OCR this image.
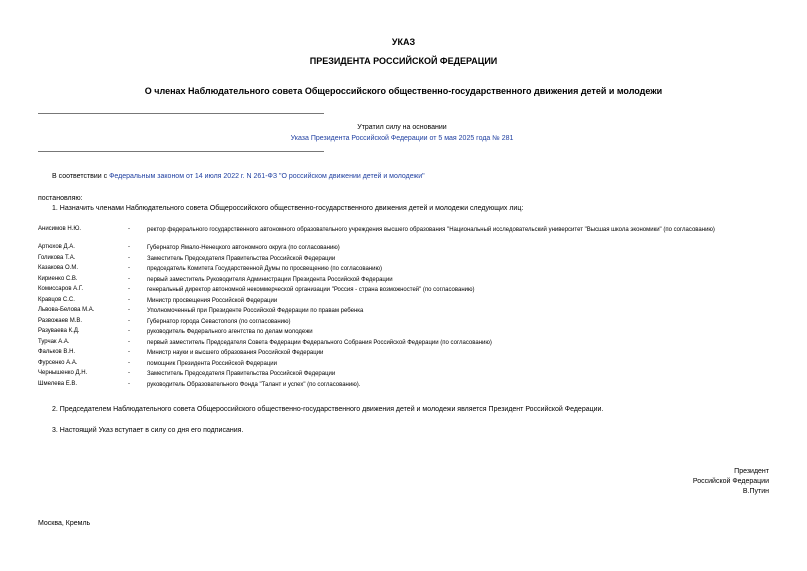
УКАЗ
ПРЕЗИДЕНТА РОССИЙСКОЙ ФЕДЕРАЦИИ
О членах Наблюдательного совета Общероссийского общественно-государственного движения детей и молодежи
Утратил силу на основании
Указа Президента Российской Федерации от 5 мая 2025 года № 281
В соответствии с Федеральным законом от 14 июля 2022 г. N 261-ФЗ "О российском движении детей и молодежи"
постановляю:
1. Назначить членами Наблюдательного совета Общероссийского общественно-государственного движения детей и молодежи следующих лиц:
Анисимов Н.Ю.	-	ректор федерального государственного автономного образовательного учреждения высшего образования "Национальный исследовательский университет "Высшая школа экономики" (по согласованию)
Артюхов Д.А.	-	Губернатор Ямало-Ненецкого автономного округа (по согласованию)
Голикова Т.А.	-	Заместитель Председателя Правительства Российской Федерации
Казакова О.М.	-	председатель Комитета Государственной Думы по просвещению (по согласованию)
Кириенко С.В.	-	первый заместитель Руководителя Администрации Президента Российской Федерации
Комиссаров А.Г.	-	генеральный директор автономной некоммерческой организации "Россия - страна возможностей" (по согласованию)
Кравцов С.С.	-	Министр просвещения Российской Федерации
Львова-Белова М.А.	-	Уполномоченный при Президенте Российской Федерации по правам ребенка
Развожаев М.В.	-	Губернатор города Севастополя (по согласованию)
Разуваева К.Д.	-	руководитель Федерального агентства по делам молодежи
Турчак А.А.	-	первый заместитель Председателя Совета Федерации Федерального Собрания Российской Федерации (по согласованию)
Фальков В.Н.	-	Министр науки и высшего образования Российской Федерации
Фурсенко А.А.	-	помощник Президента Российской Федерации
Чернышенко Д.Н.	-	Заместитель Председателя Правительства Российской Федерации
Шмелева Е.В.	-	руководитель Образовательного Фонда "Талант и успех" (по согласованию).
2. Председателем Наблюдательного совета Общероссийского общественно-государственного движения детей и молодежи является Президент Российской Федерации.
3. Настоящий Указ вступает в силу со дня его подписания.
Президент
Российской Федерации
В.Путин
Москва, Кремль
